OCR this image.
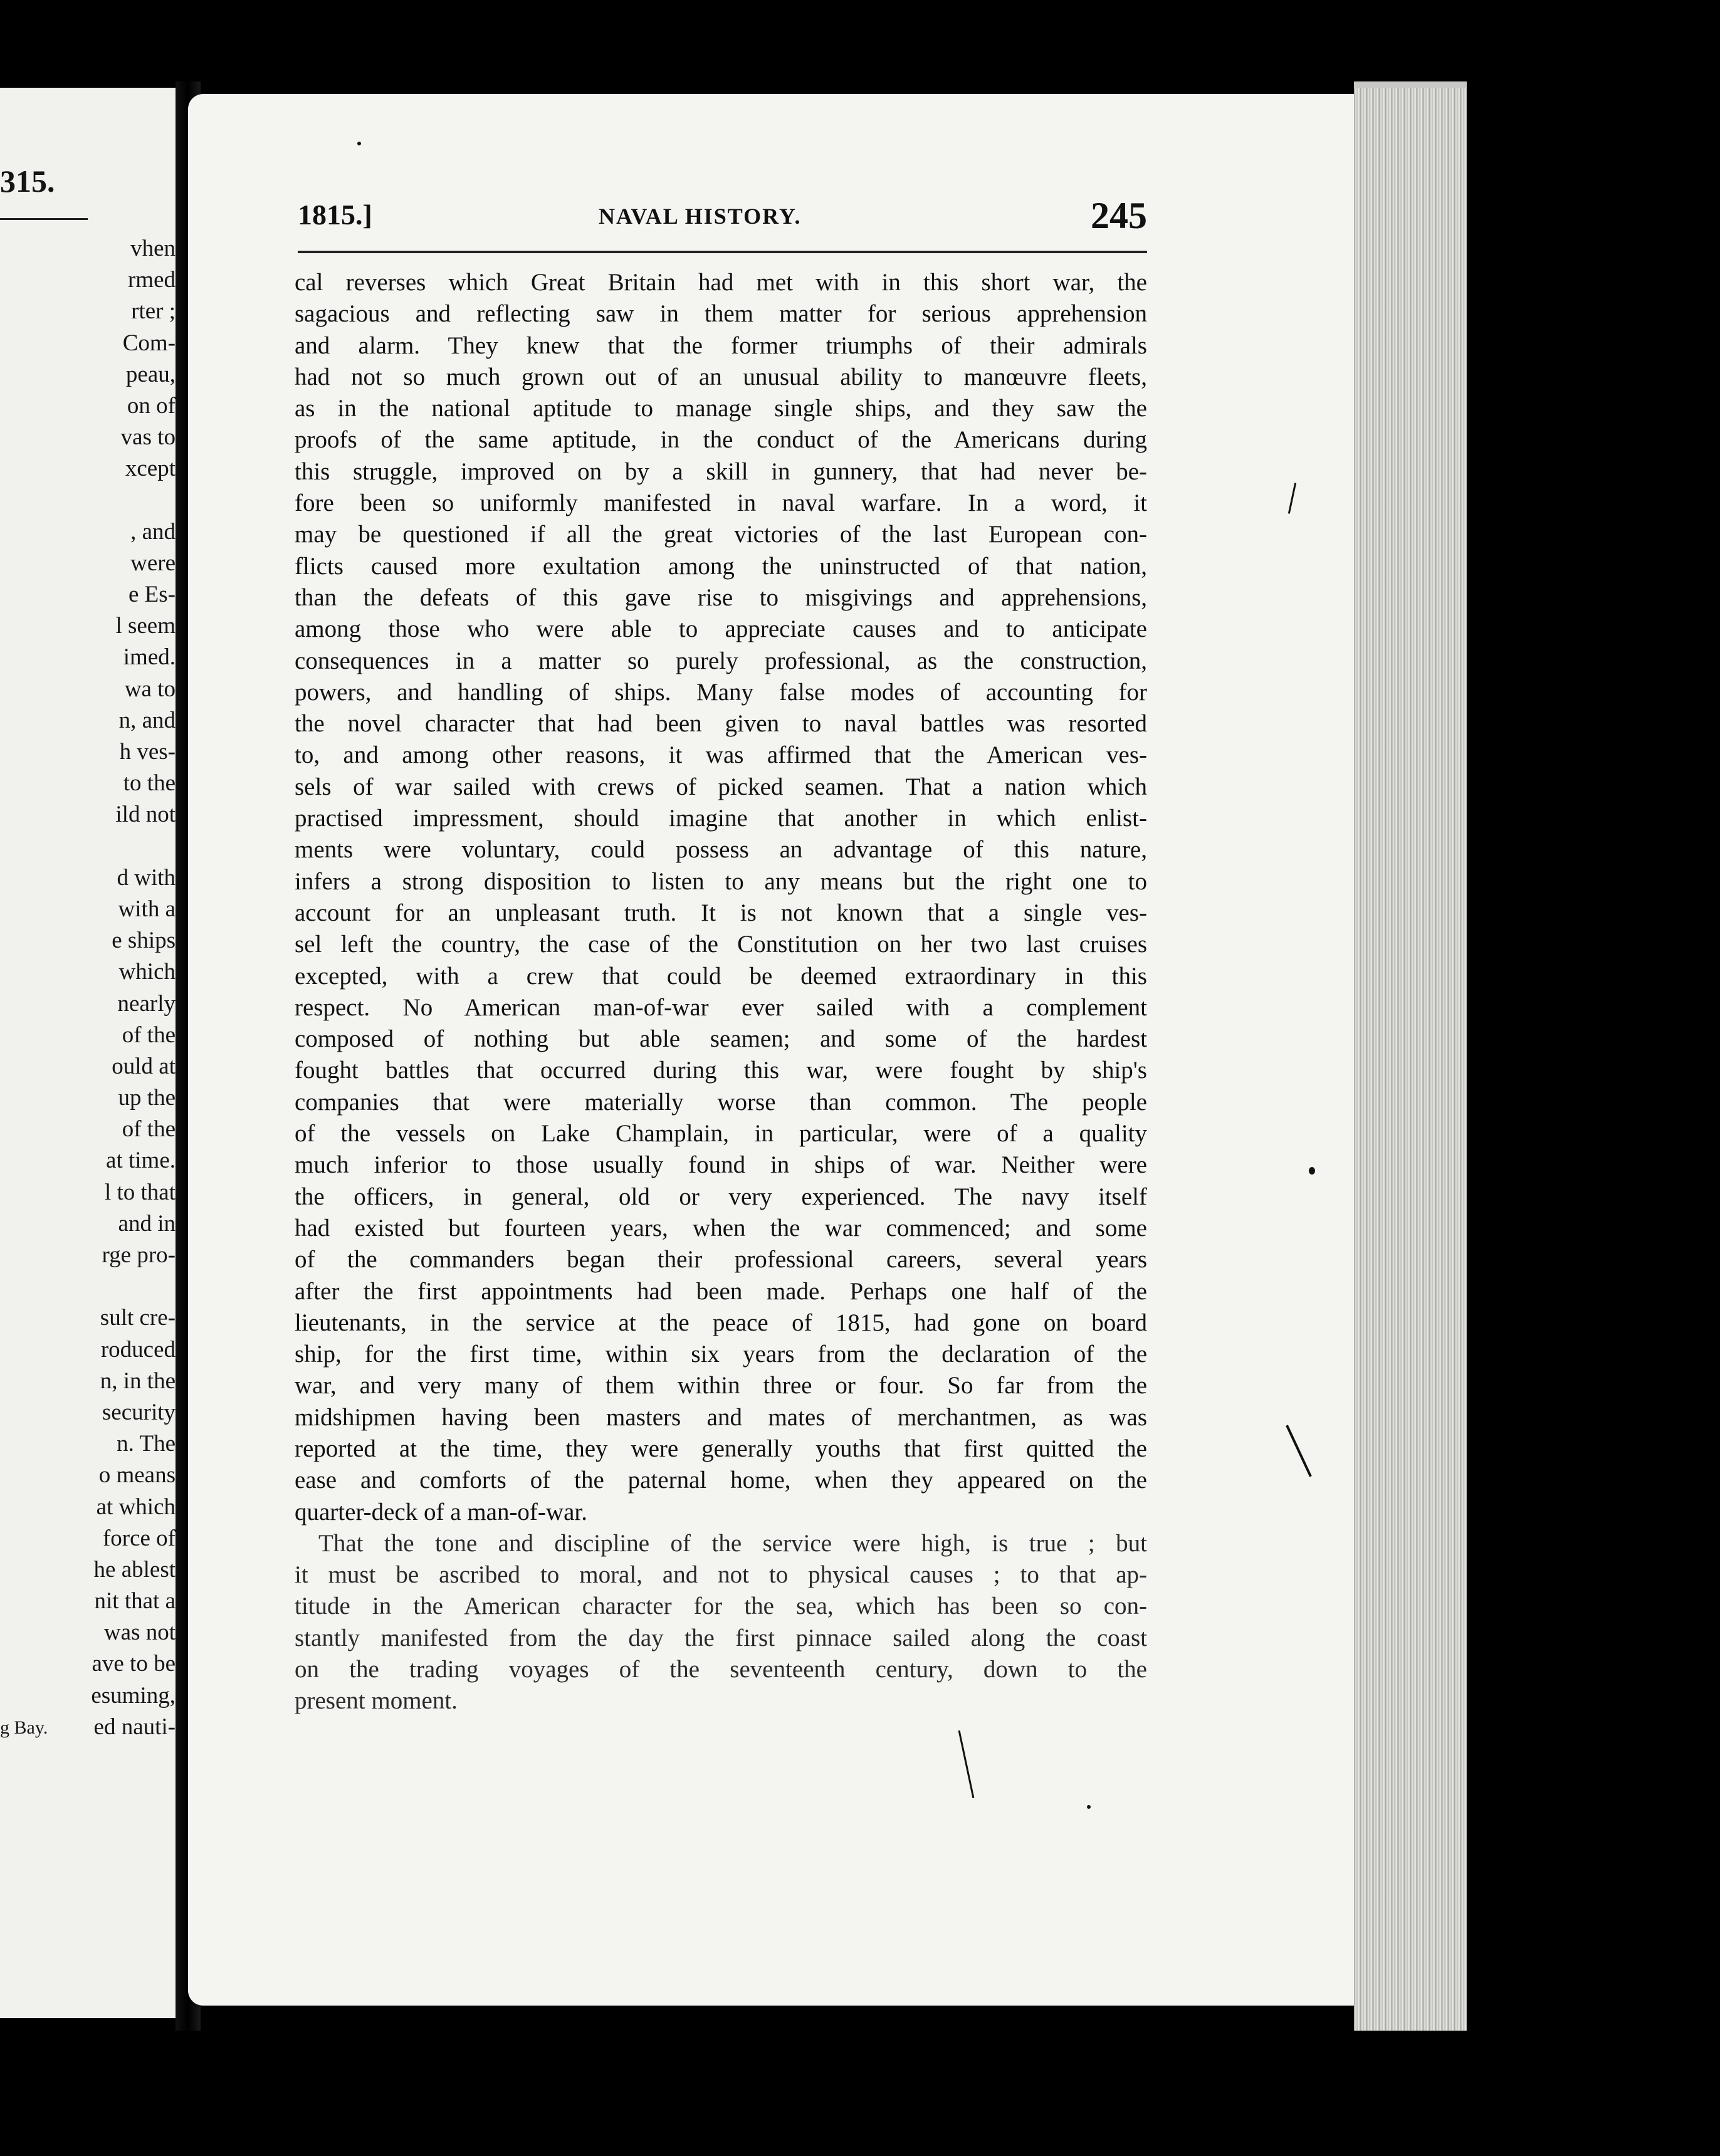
315.
vhen
rmed
rter ;
Com-
peau,
on of
vas to
xcept
, and
were
e Es-
l seem
imed.
wa to
n, and
h ves-
to the
ild not
d with
with a
e ships
which
nearly
of the
ould at
up the
of the
at time.
l to that
and in
rge pro-
sult cre-
roduced
n, in the
security
n. The
o means
at which
force of
he ablest
nit that a
was not
ave to be
esuming,
ed nauti-
g Bay.
1815.]	NAVAL HISTORY.	245
cal reverses which Great Britain had met with in this short war, the
sagacious and reflecting saw in them matter for serious apprehension
and alarm. They knew that the former triumphs of their admirals
had not so much grown out of an unusual ability to manœuvre fleets,
as in the national aptitude to manage single ships, and they saw the
proofs of the same aptitude, in the conduct of the Americans during
this struggle, improved on by a skill in gunnery, that had never be-
fore been so uniformly manifested in naval warfare. In a word, it
may be questioned if all the great victories of the last European con-
flicts caused more exultation among the uninstructed of that nation,
than the defeats of this gave rise to misgivings and apprehensions,
among those who were able to appreciate causes and to anticipate
consequences in a matter so purely professional, as the construction,
powers, and handling of ships. Many false modes of accounting for
the novel character that had been given to naval battles was resorted
to, and among other reasons, it was affirmed that the American ves-
sels of war sailed with crews of picked seamen. That a nation which
practised impressment, should imagine that another in which enlist-
ments were voluntary, could possess an advantage of this nature,
infers a strong disposition to listen to any means but the right one to
account for an unpleasant truth. It is not known that a single ves-
sel left the country, the case of the Constitution on her two last cruises
excepted, with a crew that could be deemed extraordinary in this
respect. No American man-of-war ever sailed with a complement
composed of nothing but able seamen; and some of the hardest
fought battles that occurred during this war, were fought by ship's
companies that were materially worse than common. The people
of the vessels on Lake Champlain, in particular, were of a quality
much inferior to those usually found in ships of war. Neither were
the officers, in general, old or very experienced. The navy itself
had existed but fourteen years, when the war commenced; and some
of the commanders began their professional careers, several years
after the first appointments had been made. Perhaps one half of the
lieutenants, in the service at the peace of 1815, had gone on board
ship, for the first time, within six years from the declaration of the
war, and very many of them within three or four. So far from the
midshipmen having been masters and mates of merchantmen, as was
reported at the time, they were generally youths that first quitted the
ease and comforts of the paternal home, when they appeared on the
quarter-deck of a man-of-war.
That the tone and discipline of the service were high, is true ; but
it must be ascribed to moral, and not to physical causes ; to that ap-
titude in the American character for the sea, which has been so con-
stantly manifested from the day the first pinnace sailed along the coast
on the trading voyages of the seventeenth century, down to the
present moment.
